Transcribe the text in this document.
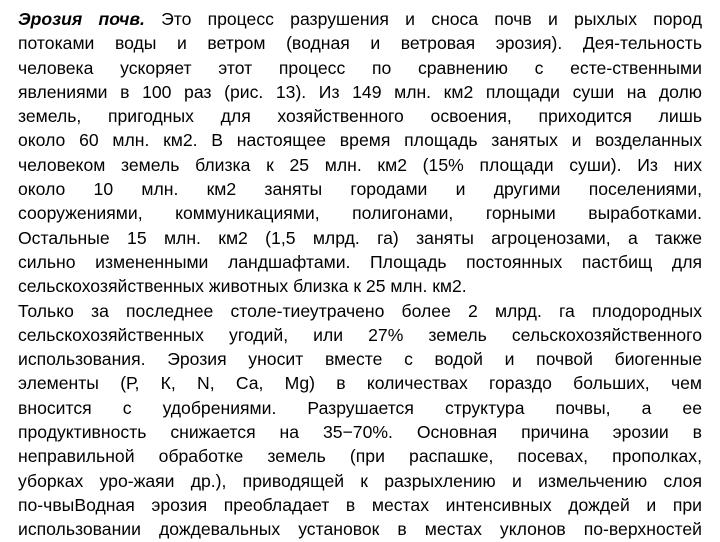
Эрозия почв. Это процесс разрушения и сноса почв и рыхлых пород
потоками воды и ветром (водная и ветровая эрозия). Дея-тельность
человека ускоряет этот процесс по сравнению с есте-ственными
явлениями в 100 раз (рис. 13). Из 149 млн. км2 площади суши на долю
земель, пригодных для хозяйственного освоения, приходится лишь
около 60 млн. км2. В настоящее время площадь занятых и возделанных
человеком земель близка к 25 млн. км2 (15% площади суши). Из них
около 10 млн. км2 заняты городами и другими поселениями,
сооружениями, коммуникациями, полигонами, горными выработками.
Остальные 15 млн. км2 (1,5 млрд. га) заняты агроценозами, а также
сильно измененными ландшафтами. Площадь постоянных пастбищ для
сельскохозяйственных животных близка к 25 млн. км2.
Только за последнее столе-тиеутрачено более 2 млрд. га плодородных
сельскохозяйственных угодий, или 27% земель сельскохозяйственного
использования. Эрозия уносит вместе с водой и почвой биогенные
элементы (Р, К, N, Са, Mg) в количествах гораздо больших, чем
вносится с удобрениями. Разрушается структура почвы, а ее
продуктивность снижается на 35−70%. Основная причина эрозии в
неправильной обработке земель (при распашке, посевах, прополках,
уборках уро-жаяи др.), приводящей к разрыхлению и измельчению слоя
по-чвыВодная эрозия преобладает в местах интенсивных дождей и при
использовании дождевальных установок в местах уклонов по-верхностей
